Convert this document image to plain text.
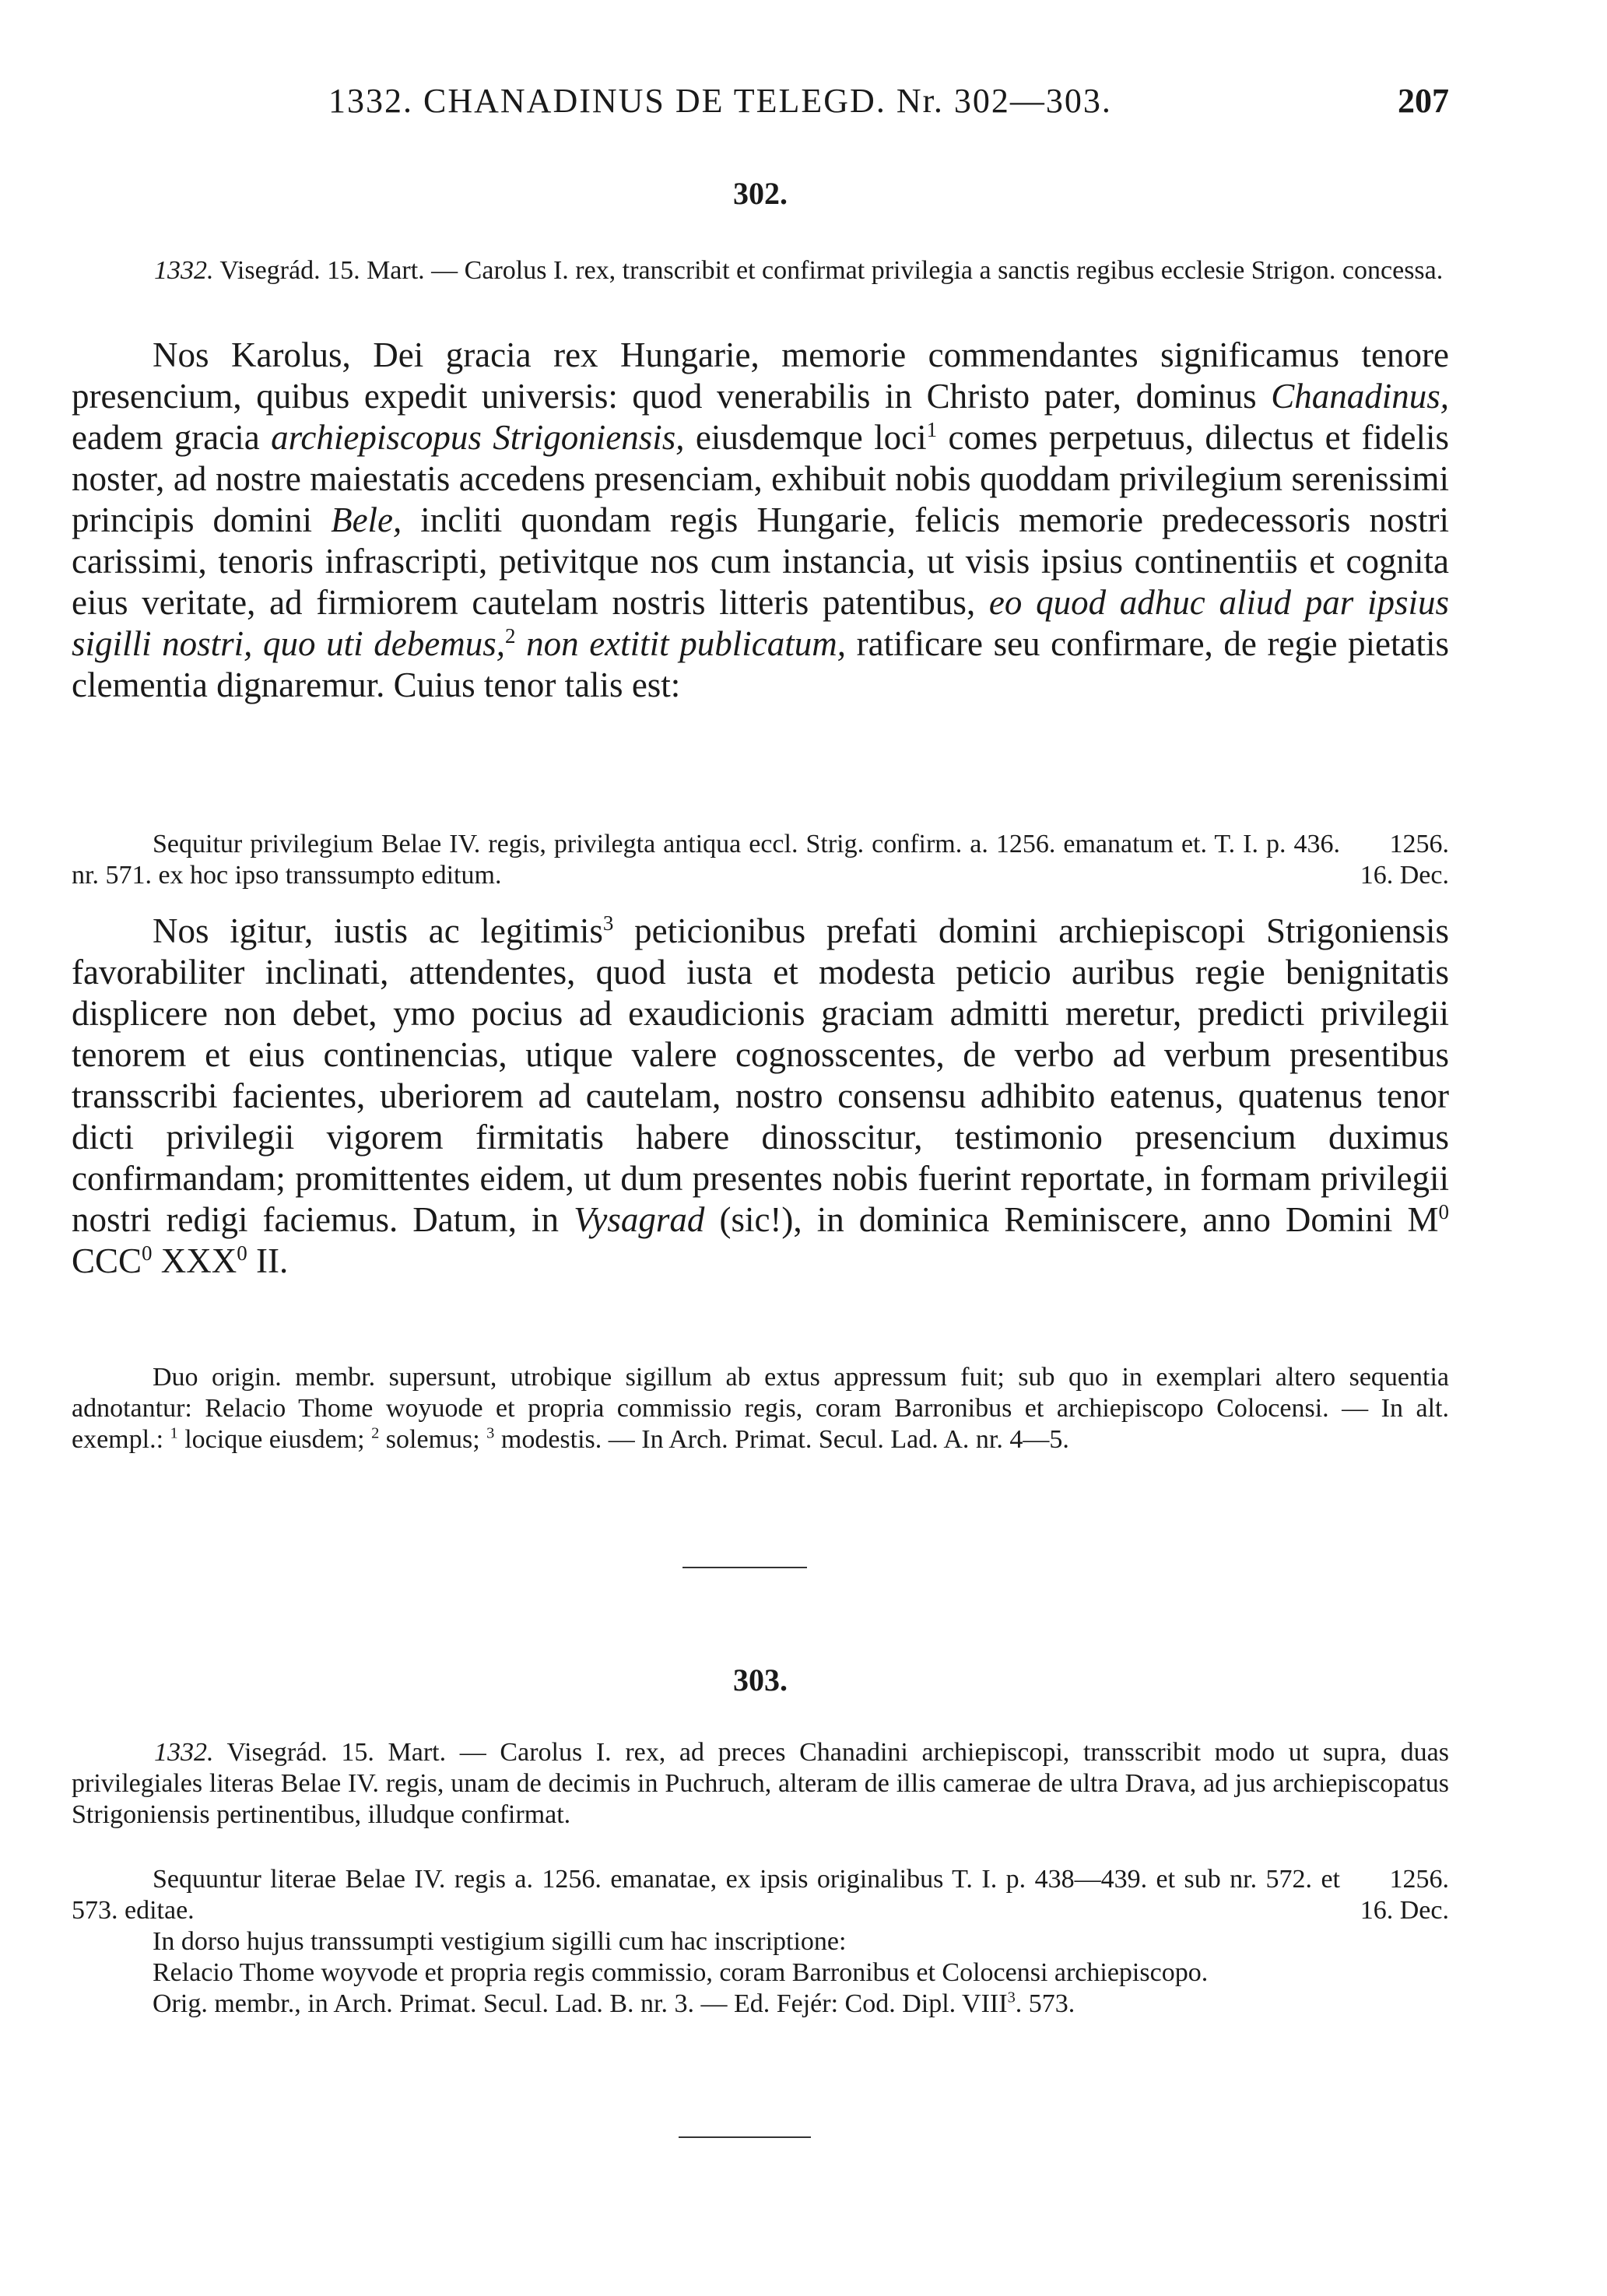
1332. CHANADINUS DE TELEGD. Nr. 302—303.	207
302.
1332. Visegrád. 15. Mart. — Carolus I. rex, transcribit et confirmat privilegia a sanctis regibus ecclesie Strigon. concessa.

Nos Karolus, Dei gracia rex Hungarie, memorie commendantes significamus tenore presencium, quibus expedit universis: quod venerabilis in Christo pater, dominus Chanadinus, eadem gracia archiepiscopus Strigoniensis, eiusdemque loci$^1$ comes perpetuus, dilectus et fidelis noster, ad nostre maiestatis accedens presenciam, exhibuit nobis quoddam privilegium serenissimi principis domini Bele, incliti quondam regis Hungarie, felicis memorie predecessoris nostri carissimi, tenoris infrascripti, petivitque nos cum instancia, ut visis ipsius continentiis et cognita eius veritate, ad firmiorem cautelam nostris litteris patentibus, eo quod adhuc aliud par ipsius sigilli nostri, quo uti debemus,$^2$ non extitit publicatum, ratificare seu confirmare, de regie pietatis clementia dignaremur. Cuius tenor talis est:

Sequitur privilegium Belae IV. regis, privilegta antiqua eccl. Strig. confirm. a. 1256. emanatum et. T. I. p. 436. nr. 571. ex hoc ipso transsumpto editum.

1256.
16. Dec.

Nos igitur, iustis ac legitimis$^3$ peticionibus prefati domini archiepiscopi Strigoniensis favorabiliter inclinati, attendentes, quod iusta et modesta peticio auribus regie benignitatis displicere non debet, ymo pocius ad exaudicionis graciam admitti meretur, predicti privilegii tenorem et eius continencias, utique valere cognosscentes, de verbo ad verbum presentibus transscribi facientes, uberiorem ad cautelam, nostro consensu adhibito eatenus, quatenus tenor dicti privilegii vigorem firmitatis habere dinosscitur, testimonio presencium duximus confirmandam; promittentes eidem, ut dum presentes nobis fuerint reportate, in formam privilegii nostri redigi faciemus. Datum, in Vysagrad (sic!), in dominica Reminiscere, anno Domini $M^0$ CCC$^0$ XXX$^0$ II.

Duo origin. membr. supersunt, utrobique sigillum ab extus appressum fuit; sub quo in exemplari altero sequentia adnotantur: Relacio Thome woyuode et propria commissio regis, coram Barronibus et archiepiscopo Colocensi. — In alt. exempl.: $^1$ locique eiusdem; $^2$ solemus; $^3$ modestis. — In Arch. Primat. Secul. Lad. A. nr. 4—5.

303.
1332. Visegrád. 15. Mart. — Carolus I. rex, ad preces Chanadini archiepiscopi, transscribit modo ut supra, duas privilegiales literas Belae IV. regis, unam de decimis in Puchruch, alteram de illis camerae de ultra Drava, ad jus archiepiscopatus Strigoniensis pertinentibus, illudque confirmat.

Sequuntur literae Belae IV. regis a. 1256. emanatae, ex ipsis originalibus T. I. p. 438—439. et sub nr. 572. et 573. editae.

1256.
16. Dec.

In dorso hujus transsumpti vestigium sigilli cum hac inscriptione:

Relacio Thome woyvode et propria regis commissio, coram Barronibus et Colocensi archiepiscopo.

Orig. membr., in Arch. Primat. Secul. Lad. B. nr. 3. — Ed. Fejér: Cod. Dipl. VIII$^3$. 573.
